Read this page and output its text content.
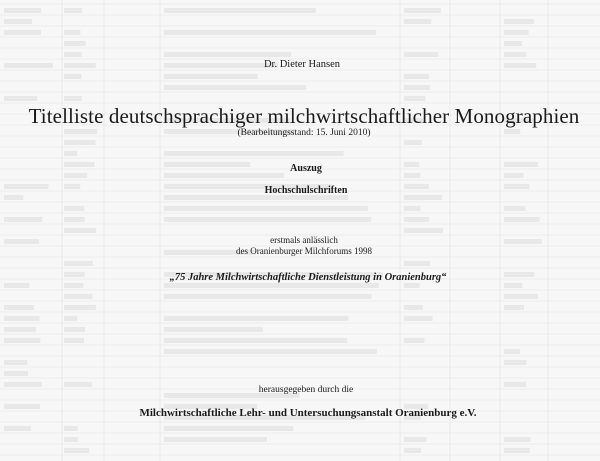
Dr. Dieter Hansen
Titelliste deutschsprachiger milchwirtschaftlicher Monographien
(Bearbeitungsstand: 15. Juni 2010)
Auszug
Hochschulschriften
erstmals anlässlich
des Oranienburger Milchforums 1998
„75 Jahre Milchwirtschaftliche Dienstleistung in Oranienburg“
herausgegeben durch die
Milchwirtschaftliche Lehr- und Untersuchungsanstalt Oranienburg e.V.
